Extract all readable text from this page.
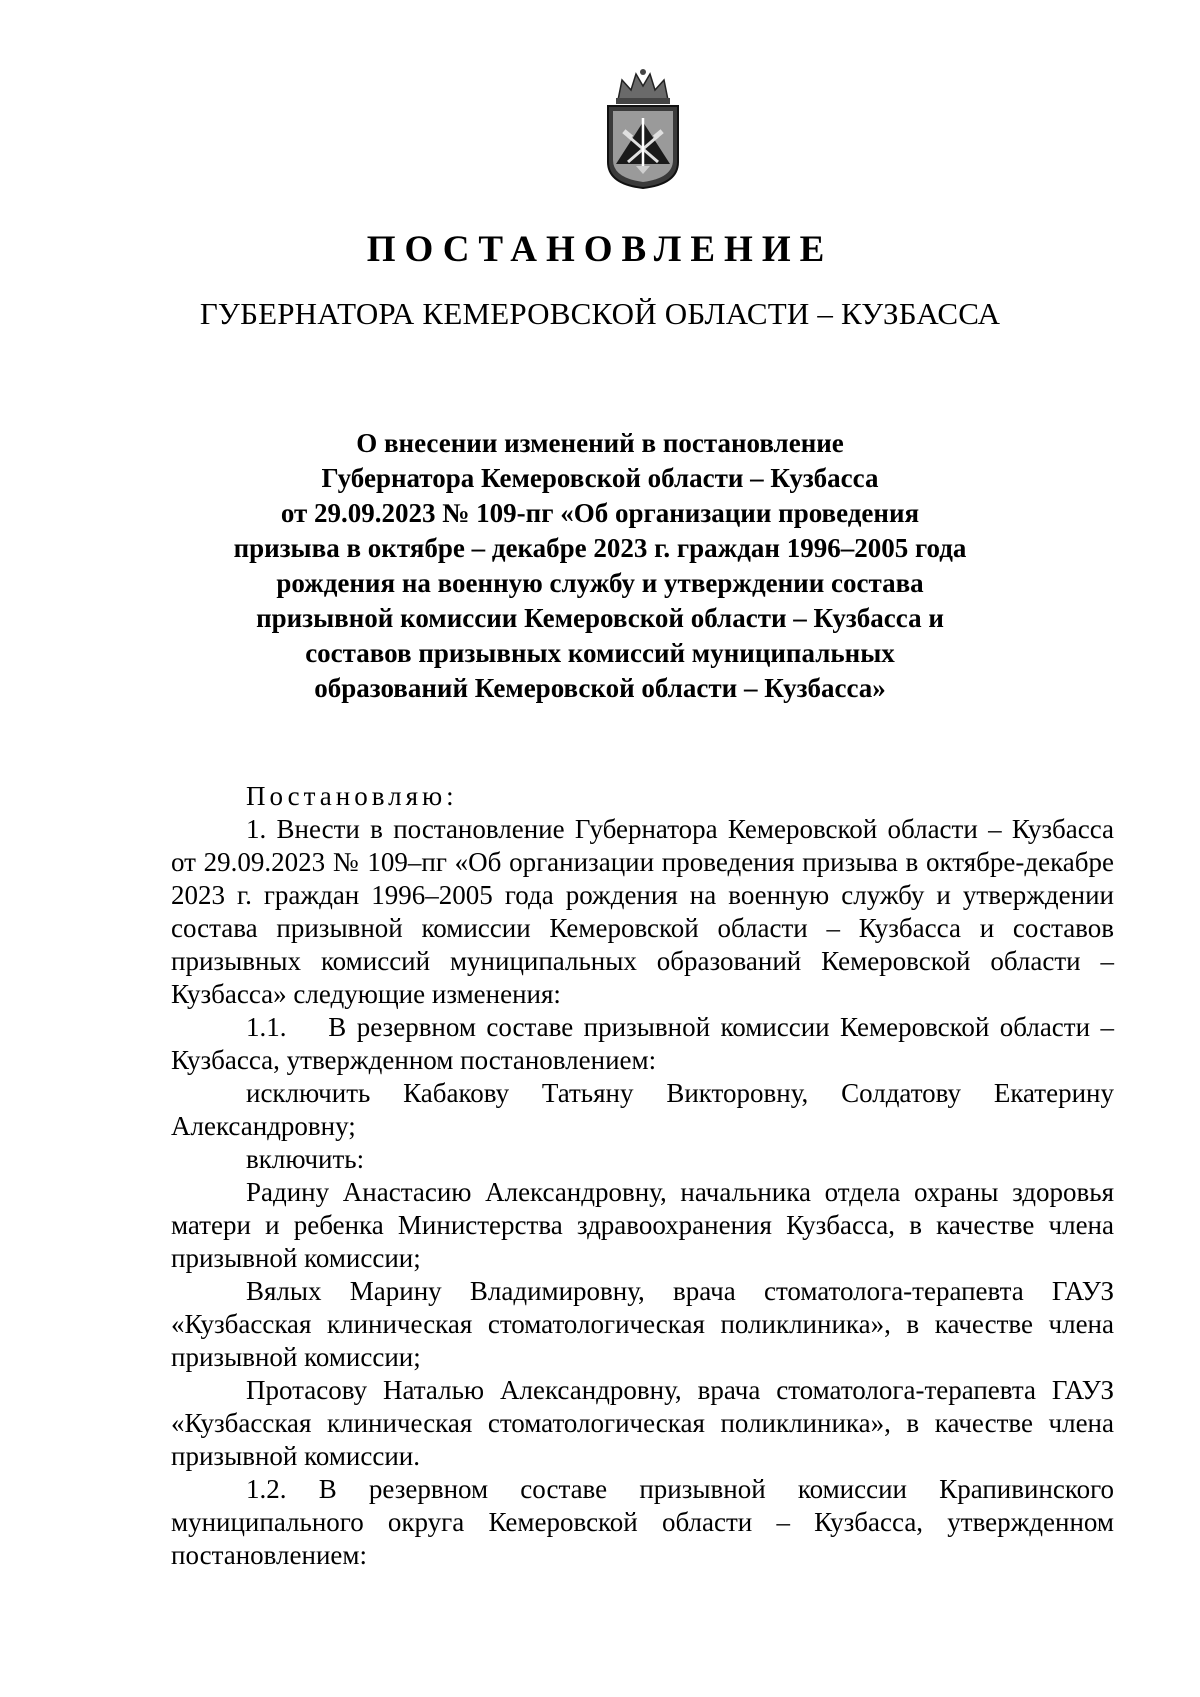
ПОСТАНОВЛЕНИЕ
ГУБЕРНАТОРА КЕМЕРОВСКОЙ ОБЛАСТИ – КУЗБАССА
О внесении изменений в постановление
Губернатора Кемеровской области – Кузбасса
от 29.09.2023 № 109-пг «Об организации проведения
призыва в октябре – декабре 2023 г. граждан 1996–2005 года
рождения на военную службу и утверждении состава
призывной комиссии Кемеровской области – Кузбасса и
составов призывных комиссий муниципальных
образований Кемеровской области – Кузбасса»

Постановляю:

1. Внести в постановление Губернатора Кемеровской области – Кузбасса от 29.09.2023 № 109–пг «Об организации проведения призыва в октябре-декабре 2023 г. граждан 1996–2005 года рождения на военную службу и утверждении состава призывной комиссии Кемеровской области – Кузбасса и составов призывных комиссий муниципальных образований Кемеровской области – Кузбасса» следующие изменения:

1.1.    В резервном составе призывной комиссии Кемеровской области – Кузбасса, утвержденном постановлением:

исключить Кабакову Татьяну Викторовну, Солдатову Екатерину Александровну;

включить:

Радину Анастасию Александровну, начальника отдела охраны здоровья матери и ребенка Министерства здравоохранения Кузбасса, в качестве члена призывной комиссии;

Вялых Марину Владимировну, врача стоматолога-терапевта ГАУЗ «Кузбасская клиническая стоматологическая поликлиника», в качестве члена призывной комиссии;

Протасову Наталью Александровну, врача стоматолога-терапевта ГАУЗ «Кузбасская клиническая стоматологическая поликлиника», в качестве члена призывной комиссии.

1.2. В резервном составе призывной комиссии Крапивинского муниципального округа Кемеровской области – Кузбасса, утвержденном постановлением:
